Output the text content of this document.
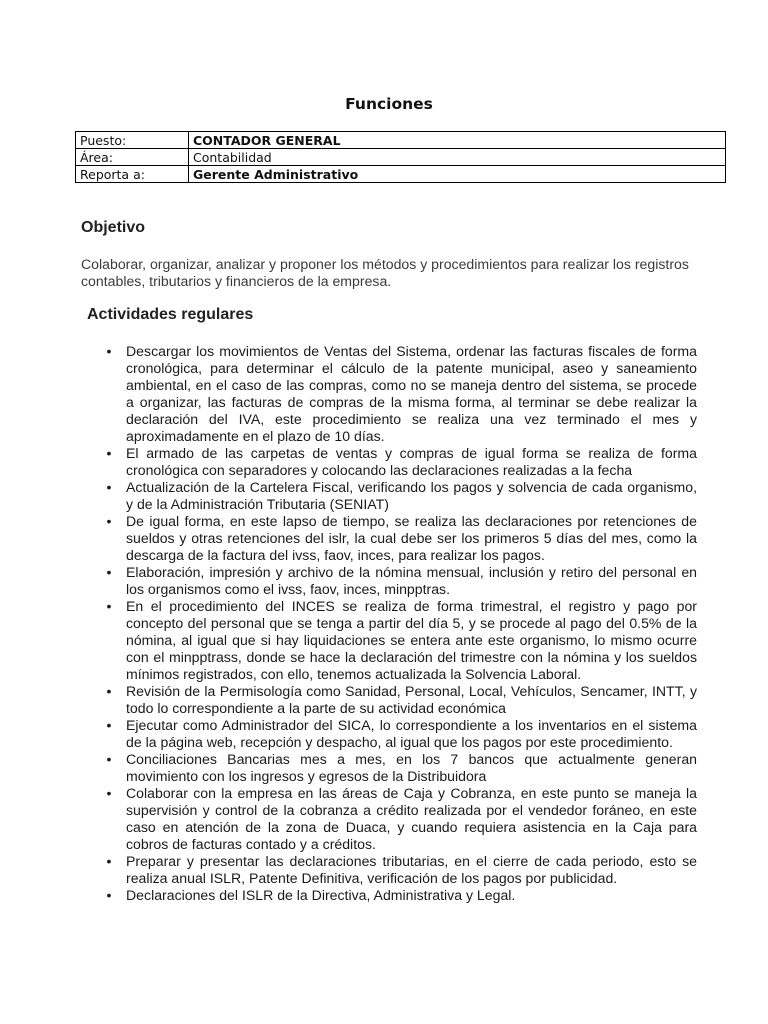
Funciones
Puesto:	CONTADOR GENERAL
Área:	Contabilidad
Reporta a:	Gerente Administrativo
Objetivo
Colaborar, organizar, analizar y proponer los métodos y procedimientos para realizar los registros contables, tributarios y financieros de la empresa.
Actividades regulares
•	Descargar los movimientos de Ventas del Sistema, ordenar las facturas fiscales de forma cronológica, para determinar el cálculo de la patente municipal, aseo y saneamiento ambiental, en el caso de las compras, como no se maneja dentro del sistema, se procede a organizar, las facturas de compras de la misma forma, al terminar se debe realizar la declaración del IVA, este procedimiento se realiza una vez terminado el mes y aproximadamente en el plazo de 10 días.
•	El armado de las carpetas de ventas y compras de igual forma se realiza de forma cronológica con separadores y colocando las declaraciones realizadas a la fecha
•	Actualización de la Cartelera Fiscal, verificando los pagos y solvencia de cada organismo, y de la Administración Tributaria (SENIAT)
•	De igual forma, en este lapso de tiempo, se realiza las declaraciones por retenciones de sueldos y otras retenciones del islr, la cual debe ser los primeros 5 días del mes, como la descarga de la factura del ivss, faov, inces, para realizar los pagos.
•	Elaboración, impresión y archivo de la nómina mensual, inclusión y retiro del personal en los organismos como el ivss, faov, inces, minpptras.
•	En el procedimiento del INCES se realiza de forma trimestral, el registro y pago por concepto del personal que se tenga a partir del día 5, y se procede al pago del 0.5% de la nómina, al igual que si hay liquidaciones se entera ante este organismo, lo mismo ocurre con el minpptrass, donde se hace la declaración del trimestre con la nómina y los sueldos mínimos registrados, con ello, tenemos actualizada la Solvencia Laboral.
•	Revisión de la Permisología como Sanidad, Personal, Local, Vehículos, Sencamer, INTT, y todo lo correspondiente a la parte de su actividad económica
•	Ejecutar como Administrador del SICA, lo correspondiente a los inventarios en el sistema de la página web, recepción y despacho, al igual que los pagos por este procedimiento.
•	Conciliaciones Bancarias mes a mes, en los 7 bancos que actualmente generan movimiento con los ingresos y egresos de la Distribuidora
•	Colaborar con la empresa en las áreas de Caja y Cobranza, en este punto se maneja la supervisión y control de la cobranza a crédito realizada por el vendedor foráneo, en este caso en atención de la zona de Duaca, y cuando requiera asistencia en la Caja para cobros de facturas contado y a créditos.
•	Preparar y presentar las declaraciones tributarias, en el cierre de cada periodo, esto se realiza anual ISLR, Patente Definitiva, verificación de los pagos por publicidad.
•	Declaraciones del ISLR de la Directiva, Administrativa y Legal.
